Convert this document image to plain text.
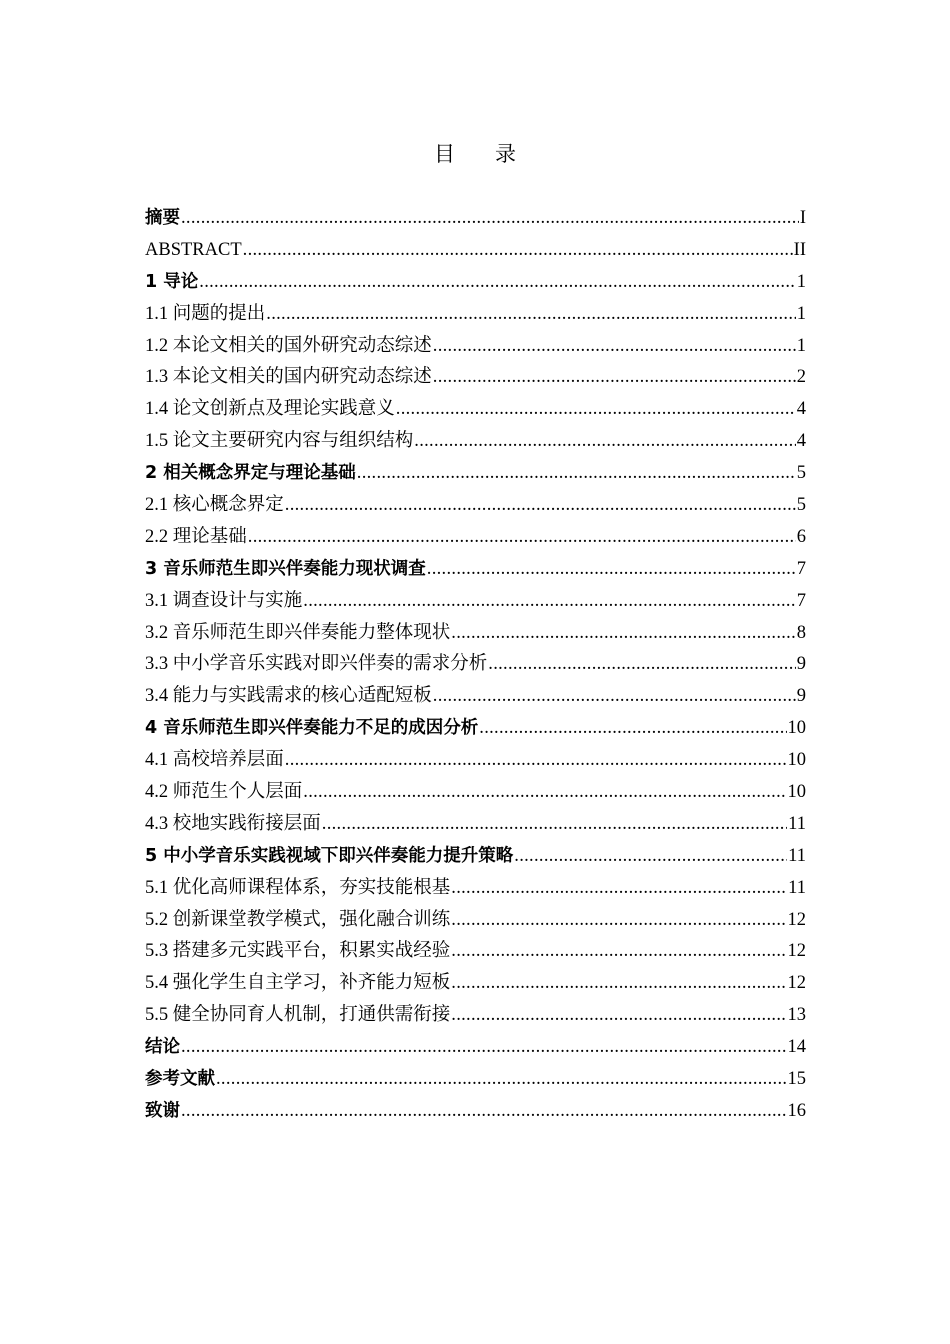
目录
摘要 .....	I
ABSTRACT .....	II
1 导论 .....	1
1.1 问题的提出 .....	1
1.2 本论文相关的国外研究动态综述 .....	1
1.3 本论文相关的国内研究动态综述 .....	2
1.4 论文创新点及理论实践意义 .....	4
1.5 论文主要研究内容与组织结构 .....	4
2 相关概念界定与理论基础 .....	5
2.1 核心概念界定 .....	5
2.2 理论基础 .....	6
3 音乐师范生即兴伴奏能力现状调查 .....	7
3.1 调查设计与实施 .....	7
3.2 音乐师范生即兴伴奏能力整体现状 .....	8
3.3 中小学音乐实践对即兴伴奏的需求分析 .....	9
3.4 能力与实践需求的核心适配短板 .....	9
4 音乐师范生即兴伴奏能力不足的成因分析 .....	10
4.1 高校培养层面 .....	10
4.2 师范生个人层面 .....	10
4.3 校地实践衔接层面 .....	11
5 中小学音乐实践视域下即兴伴奏能力提升策略 .....	11
5.1 优化高师课程体系，夯实技能根基 .....	11
5.2 创新课堂教学模式，强化融合训练 .....	12
5.3 搭建多元实践平台，积累实战经验 .....	12
5.4 强化学生自主学习，补齐能力短板 .....	12
5.5 健全协同育人机制，打通供需衔接 .....	13
结论 .....	14
参考文献 .....	15
致谢 .....	16
